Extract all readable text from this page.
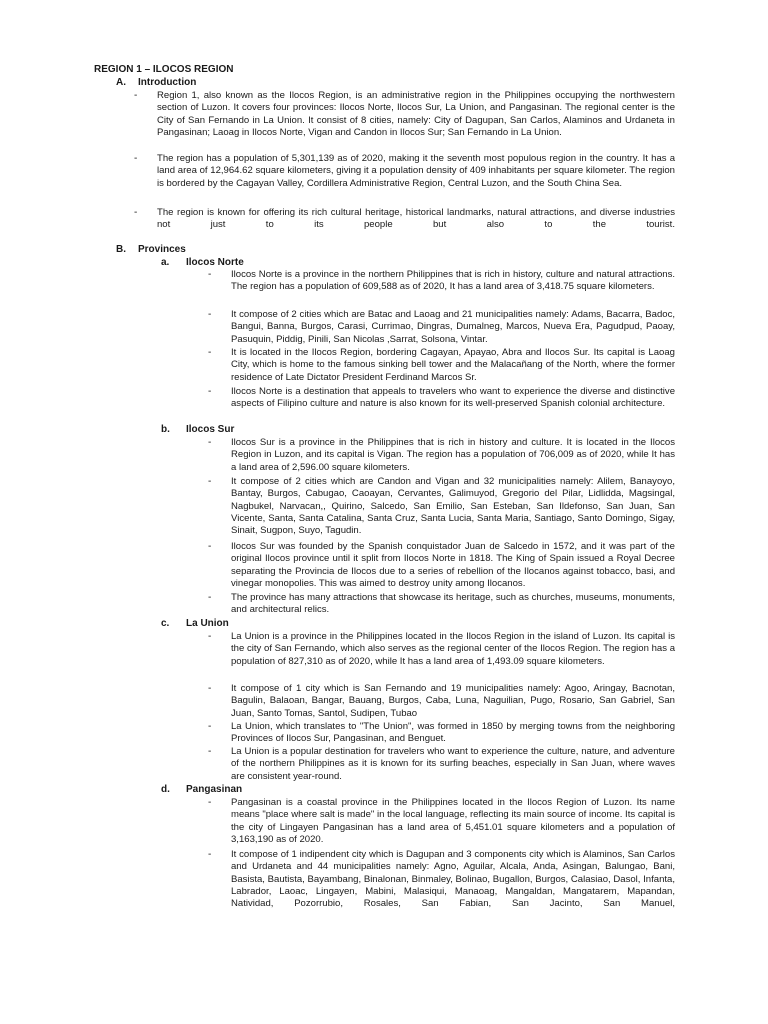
REGION 1 – ILOCOS REGION
A. Introduction
- Region 1, also known as the Ilocos Region, is an administrative region in the Philippines occupying the northwestern section of Luzon. It covers four provinces: Ilocos Norte, Ilocos Sur, La Union, and Pangasinan. The regional center is the City of San Fernando in La Union. It consist of 8 cities, namely: City of Dagupan, San Carlos, Alaminos and Urdaneta in Pangasinan; Laoag in Ilocos Norte, Vigan and Candon in Ilocos Sur; San Fernando in La Union.

- The region has a population of 5,301,139 as of 2020, making it the seventh most populous region in the country. It has a land area of 12,964.62 square kilometers, giving it a population density of 409 inhabitants per square kilometer. The region is bordered by the Cagayan Valley, Cordillera Administrative Region, Central Luzon, and the South China Sea.

- The region is known for offering its rich cultural heritage, historical landmarks, natural attractions, and diverse industries not just to its people but also to the tourist.

B. Provinces
a. Ilocos Norte
- Ilocos Norte is a province in the northern Philippines that is rich in history, culture and natural attractions. The region has a population of 609,588 as of 2020, It has a land area of 3,418.75 square kilometers.

- It compose of 2 cities which are Batac and Laoag and 21 municipalities namely: Adams, Bacarra, Badoc, Bangui, Banna, Burgos, Carasi, Currimao, Dingras, Dumalneg, Marcos, Nueva Era, Pagudpud, Paoay, Pasuquin, Piddig, Pinili, San Nicolas ,Sarrat, Solsona, Vintar.

- It is located in the Ilocos Region, bordering Cagayan, Apayao, Abra and Ilocos Sur. Its capital is Laoag City, which is home to the famous sinking bell tower and the Malacañang of the North, where the former residence of Late Dictator President Ferdinand Marcos Sr.

- Ilocos Norte is a destination that appeals to travelers who want to experience the diverse and distinctive aspects of Filipino culture and nature is also known for its well-preserved Spanish colonial architecture.

b. Ilocos Sur
- Ilocos Sur is a province in the Philippines that is rich in history and culture. It is located in the Ilocos Region in Luzon, and its capital is Vigan. The region has a population of 706,009 as of 2020, while It has a land area of 2,596.00 square kilometers.

- It compose of 2 cities which are Candon and Vigan and 32 municipalities namely: Alilem, Banayoyo, Bantay, Burgos, Cabugao, Caoayan, Cervantes, Galimuyod, Gregorio del Pilar, Lidlidda, Magsingal, Nagbukel, Narvacan,, Quirino, Salcedo, San Emilio, San Esteban, San Ildefonso, San Juan, San Vicente, Santa, Santa Catalina, Santa Cruz, Santa Lucia, Santa Maria, Santiago, Santo Domingo, Sigay, Sinait, Sugpon, Suyo, Tagudin.

- Ilocos Sur was founded by the Spanish conquistador Juan de Salcedo in 1572, and it was part of the original Ilocos province until it split from Ilocos Norte in 1818. The King of Spain issued a Royal Decree separating the Provincia de Ilocos due to a series of rebellion of the Ilocanos against tobacco, basi, and vinegar monopolies. This was aimed to destroy unity among Ilocanos.

- The province has many attractions that showcase its heritage, such as churches, museums, monuments, and architectural relics.

c. La Union
- La Union is a province in the Philippines located in the Ilocos Region in the island of Luzon. Its capital is the city of San Fernando, which also serves as the regional center of the Ilocos Region. The region has a population of 827,310 as of 2020, while It has a land area of 1,493.09 square kilometers.

- It compose of 1 city which is San Fernando and 19 municipalities namely: Agoo, Aringay, Bacnotan, Bagulin, Balaoan, Bangar, Bauang, Burgos, Caba, Luna, Naguilian, Pugo, Rosario, San Gabriel, San Juan, Santo Tomas, Santol, Sudipen, Tubao

- La Union, which translates to "The Union", was formed in 1850 by merging towns from the neighboring Provinces of Ilocos Sur, Pangasinan, and Benguet.

- La Union is a popular destination for travelers who want to experience the culture, nature, and adventure of the northern Philippines as it is known for its surfing beaches, especially in San Juan, where waves are consistent year-round.

d. Pangasinan
- Pangasinan is a coastal province in the Philippines located in the Ilocos Region of Luzon. Its name means "place where salt is made" in the local language, reflecting its main source of income. Its capital is the city of Lingayen Pangasinan has a land area of 5,451.01 square kilometers and a population of 3,163,190 as of 2020.

- It compose of 1 indipendent city which is Dagupan and 3 components city which is Alaminos, San Carlos and Urdaneta and 44 municipalities namely: Agno, Aguilar, Alcala, Anda, Asingan, Balungao, Bani, Basista, Bautista, Bayambang, Binalonan, Binmaley, Bolinao, Bugallon, Burgos, Calasiao, Dasol, Infanta, Labrador, Laoac, Lingayen, Mabini, Malasiqui, Manaoag, Mangaldan, Mangatarem, Mapandan, Natividad, Pozorrubio, Rosales, San Fabian, San Jacinto, San Manuel,
